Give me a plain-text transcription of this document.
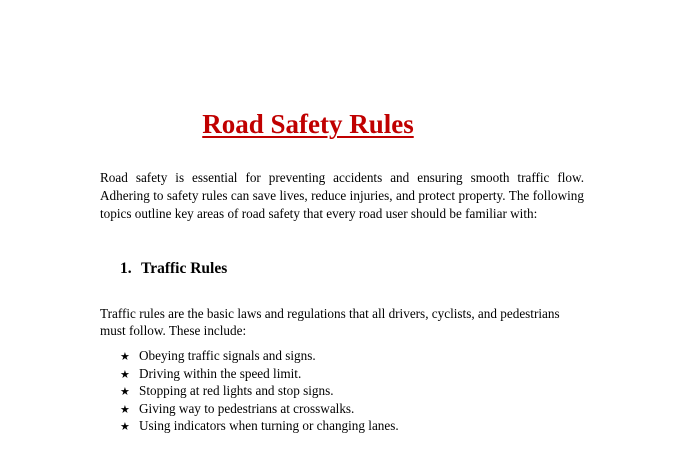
Road Safety Rules

Road safety is essential for preventing accidents and ensuring smooth traffic flow. Adhering to safety rules can save lives, reduce injuries, and protect property. The following topics outline key areas of road safety that every road user should be familiar with:

1. Traffic Rules

Traffic rules are the basic laws and regulations that all drivers, cyclists, and pedestrians must follow. These include:

★ Obeying traffic signals and signs.
★ Driving within the speed limit.
★ Stopping at red lights and stop signs.
★ Giving way to pedestrians at crosswalks.
★ Using indicators when turning or changing lanes.
